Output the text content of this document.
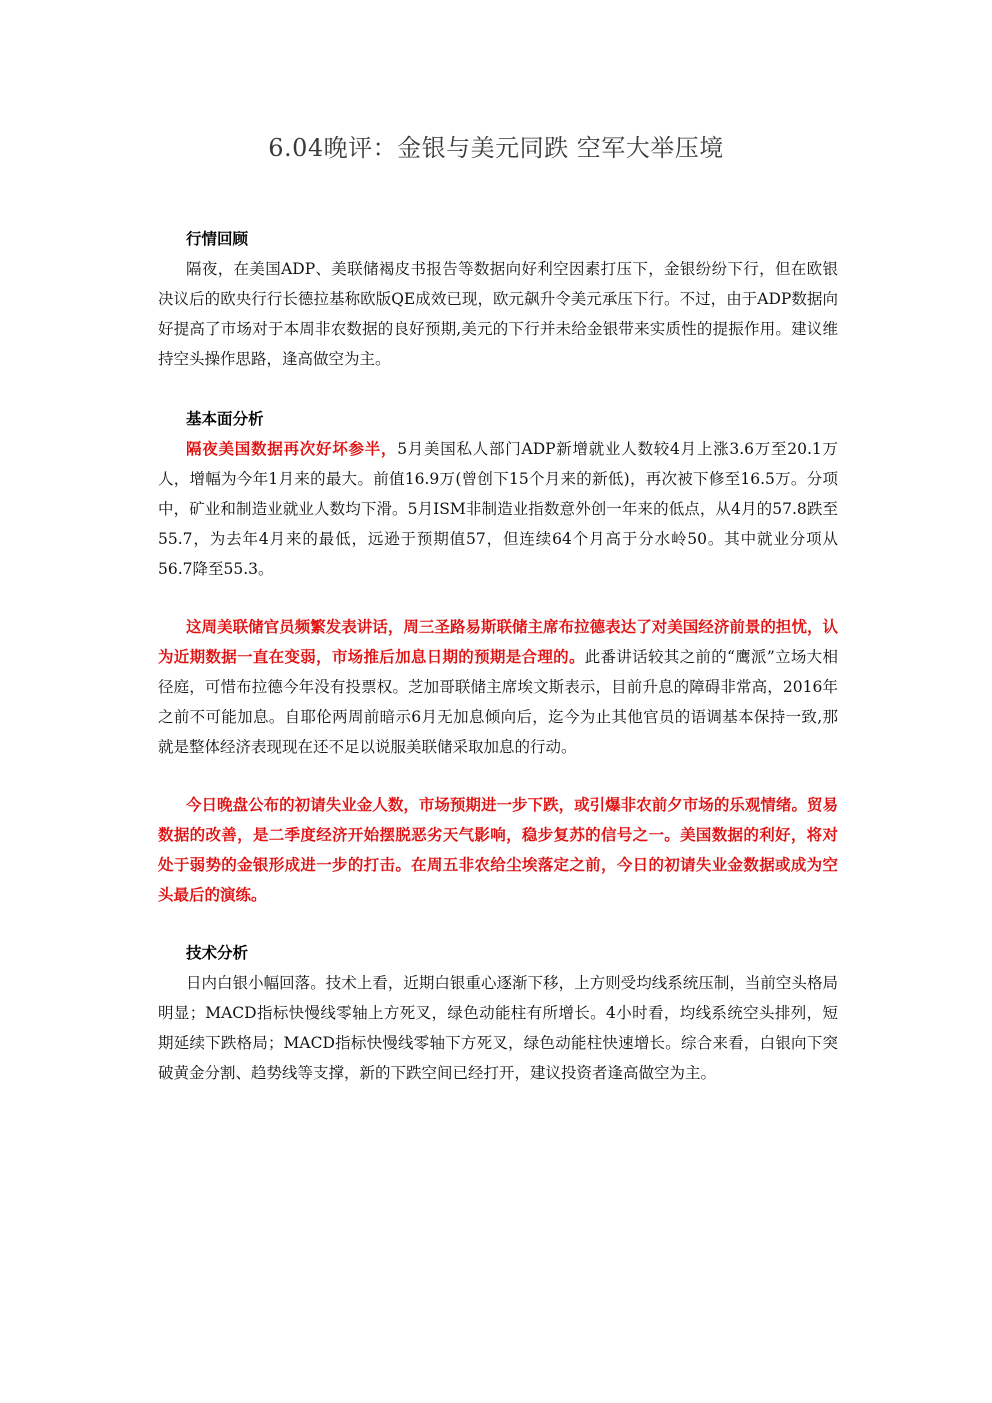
6.04晚评：金银与美元同跌 空军大举压境

行情回顾

隔夜，在美国ADP、美联储褐皮书报告等数据向好利空因素打压下，金银纷纷下行，但在欧银决议后的欧央行行长德拉基称欧版QE成效已现，欧元飙升令美元承压下行。不过，由于ADP数据向好提高了市场对于本周非农数据的良好预期,美元的下行并未给金银带来实质性的提振作用。建议维持空头操作思路，逢高做空为主。

基本面分析

隔夜美国数据再次好坏参半，5月美国私人部门ADP新增就业人数较4月上涨3.6万至20.1万人，增幅为今年1月来的最大。前值16.9万(曾创下15个月来的新低)，再次被下修至16.5万。分项中，矿业和制造业就业人数均下滑。5月ISM非制造业指数意外创一年来的低点，从4月的57.8跌至55.7，为去年4月来的最低，远逊于预期值57，但连续64个月高于分水岭50。其中就业分项从56.7降至55.3。

这周美联储官员频繁发表讲话，周三圣路易斯联储主席布拉德表达了对美国经济前景的担忧，认为近期数据一直在变弱，市场推后加息日期的预期是合理的。此番讲话较其之前的“鹰派”立场大相径庭，可惜布拉德今年没有投票权。芝加哥联储主席埃文斯表示，目前升息的障碍非常高，2016年之前不可能加息。自耶伦两周前暗示6月无加息倾向后，迄今为止其他官员的语调基本保持一致,那就是整体经济表现现在还不足以说服美联储采取加息的行动。

今日晚盘公布的初请失业金人数，市场预期进一步下跌，或引爆非农前夕市场的乐观情绪。贸易数据的改善，是二季度经济开始摆脱恶劣天气影响，稳步复苏的信号之一。美国数据的利好，将对处于弱势的金银形成进一步的打击。在周五非农给尘埃落定之前，今日的初请失业金数据或成为空头最后的演练。

技术分析

日内白银小幅回落。技术上看，近期白银重心逐渐下移，上方则受均线系统压制，当前空头格局明显；MACD指标快慢线零轴上方死叉，绿色动能柱有所增长。4小时看，均线系统空头排列，短期延续下跌格局；MACD指标快慢线零轴下方死叉，绿色动能柱快速增长。综合来看，白银向下突破黄金分割、趋势线等支撑，新的下跌空间已经打开，建议投资者逢高做空为主。
